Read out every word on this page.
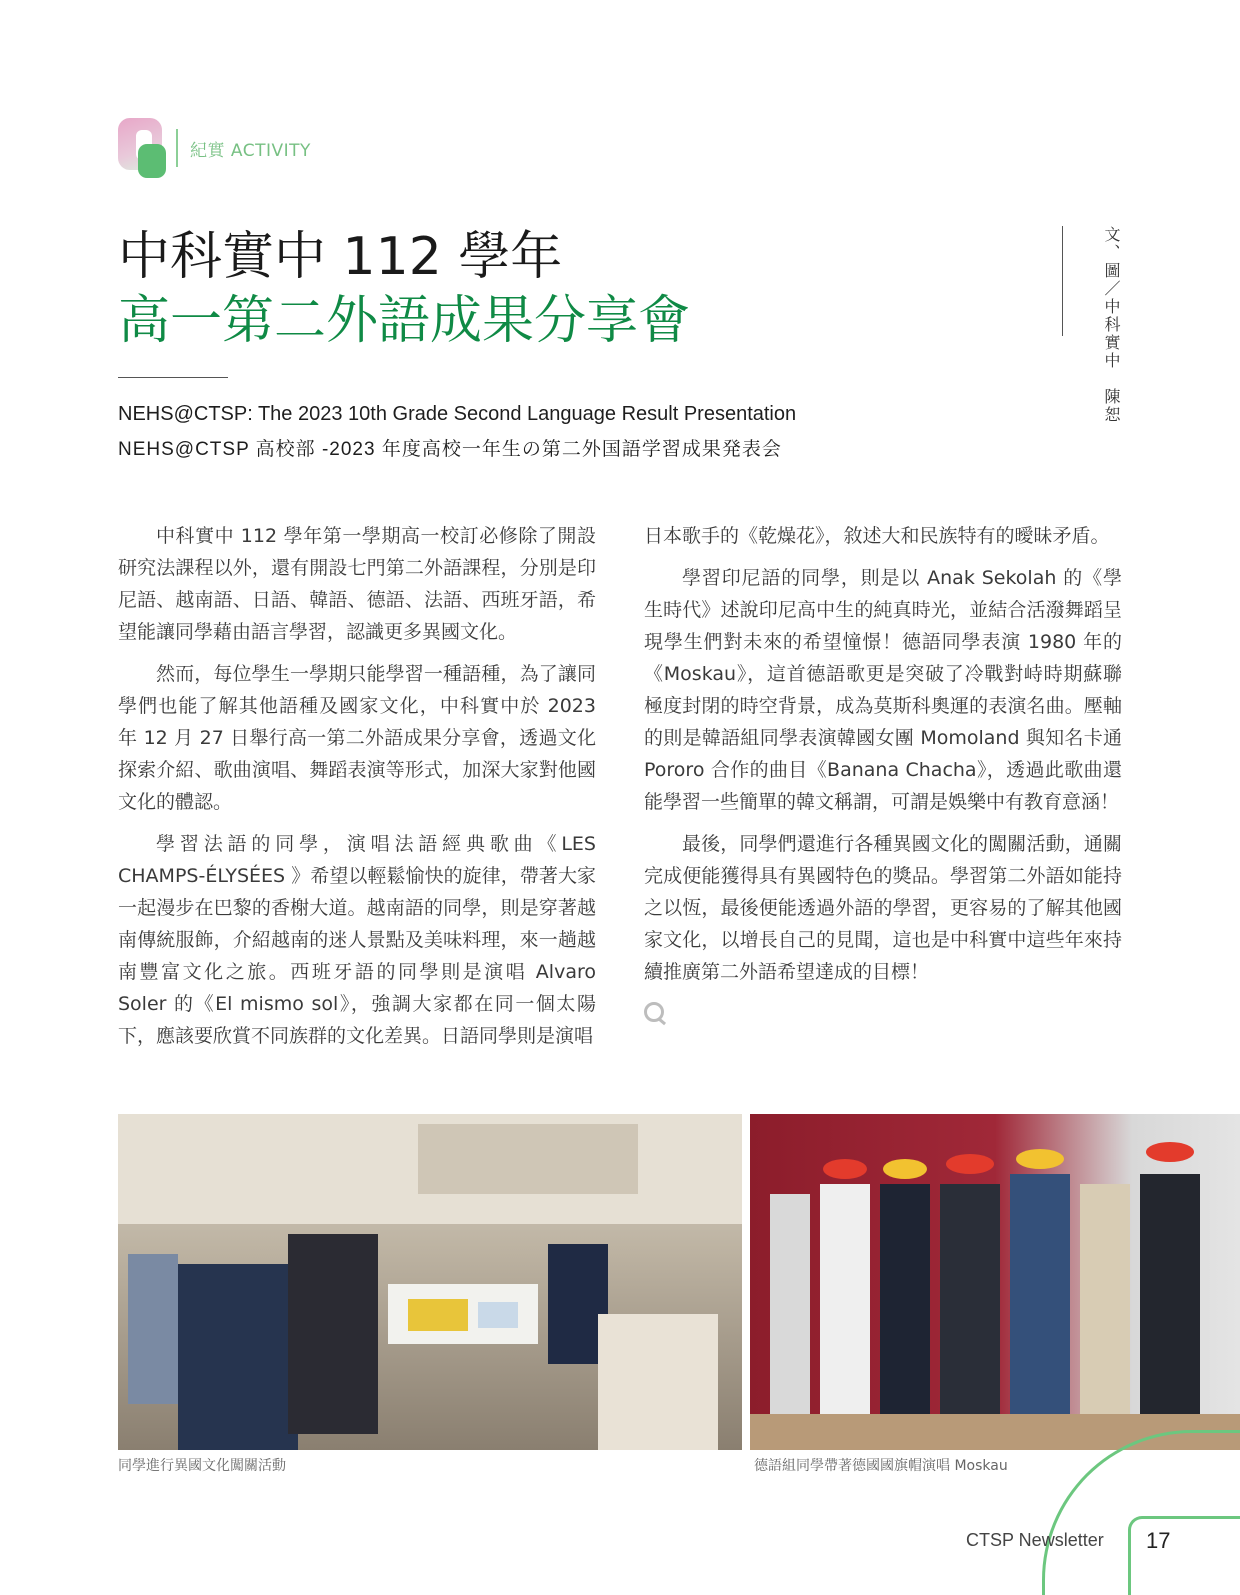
紀實 ACTIVITY
中科實中 112 學年
高一第二外語成果分享會	文、圖／中科實中　陳恕
NEHS@CTSP: The 2023 10th Grade Second Language Result Presentation
NEHS@CTSP 高校部 -2023 年度高校一年生の第二外国語学習成果発表会

中科實中 112 學年第一學期高一校訂必修除了開設研究法課程以外，還有開設七門第二外語課程，分別是印尼語、越南語、日語、韓語、德語、法語、西班牙語，希望能讓同學藉由語言學習，認識更多異國文化。

然而，每位學生一學期只能學習一種語種，為了讓同學們也能了解其他語種及國家文化，中科實中於 2023 年 12 月 27 日舉行高一第二外語成果分享會，透過文化探索介紹、歌曲演唱、舞蹈表演等形式，加深大家對他國文化的體認。

學習法語的同學，演唱法語經典歌曲《LES CHAMPS-ÉLYSÉES 》希望以輕鬆愉快的旋律，帶著大家一起漫步在巴黎的香榭大道。越南語的同學，則是穿著越南傳統服飾，介紹越南的迷人景點及美味料理，來一趟越南豐富文化之旅。西班牙語的同學則是演唱 Alvaro Soler 的《El mismo sol》，強調大家都在同一個太陽下，應該要欣賞不同族群的文化差異。日語同學則是演唱

日本歌手的《乾燥花》，敘述大和民族特有的曖昧矛盾。

學習印尼語的同學，則是以 Anak Sekolah 的《學生時代》述說印尼高中生的純真時光，並結合活潑舞蹈呈現學生們對未來的希望憧憬！德語同學表演 1980 年的《Moskau》，這首德語歌更是突破了冷戰對峙時期蘇聯極度封閉的時空背景，成為莫斯科奧運的表演名曲。壓軸的則是韓語組同學表演韓國女團 Momoland 與知名卡通 Pororo 合作的曲目《Banana Chacha》，透過此歌曲還能學習一些簡單的韓文稱謂，可謂是娛樂中有教育意涵！

最後，同學們還進行各種異國文化的闖關活動，通關完成便能獲得具有異國特色的獎品。學習第二外語如能持之以恆，最後便能透過外語的學習，更容易的了解其他國家文化，以增長自己的見聞，這也是中科實中這些年來持續推廣第二外語希望達成的目標！

同學進行異國文化闖關活動	德語組同學帶著德國國旗帽演唱 Moskau
CTSP Newsletter 17
